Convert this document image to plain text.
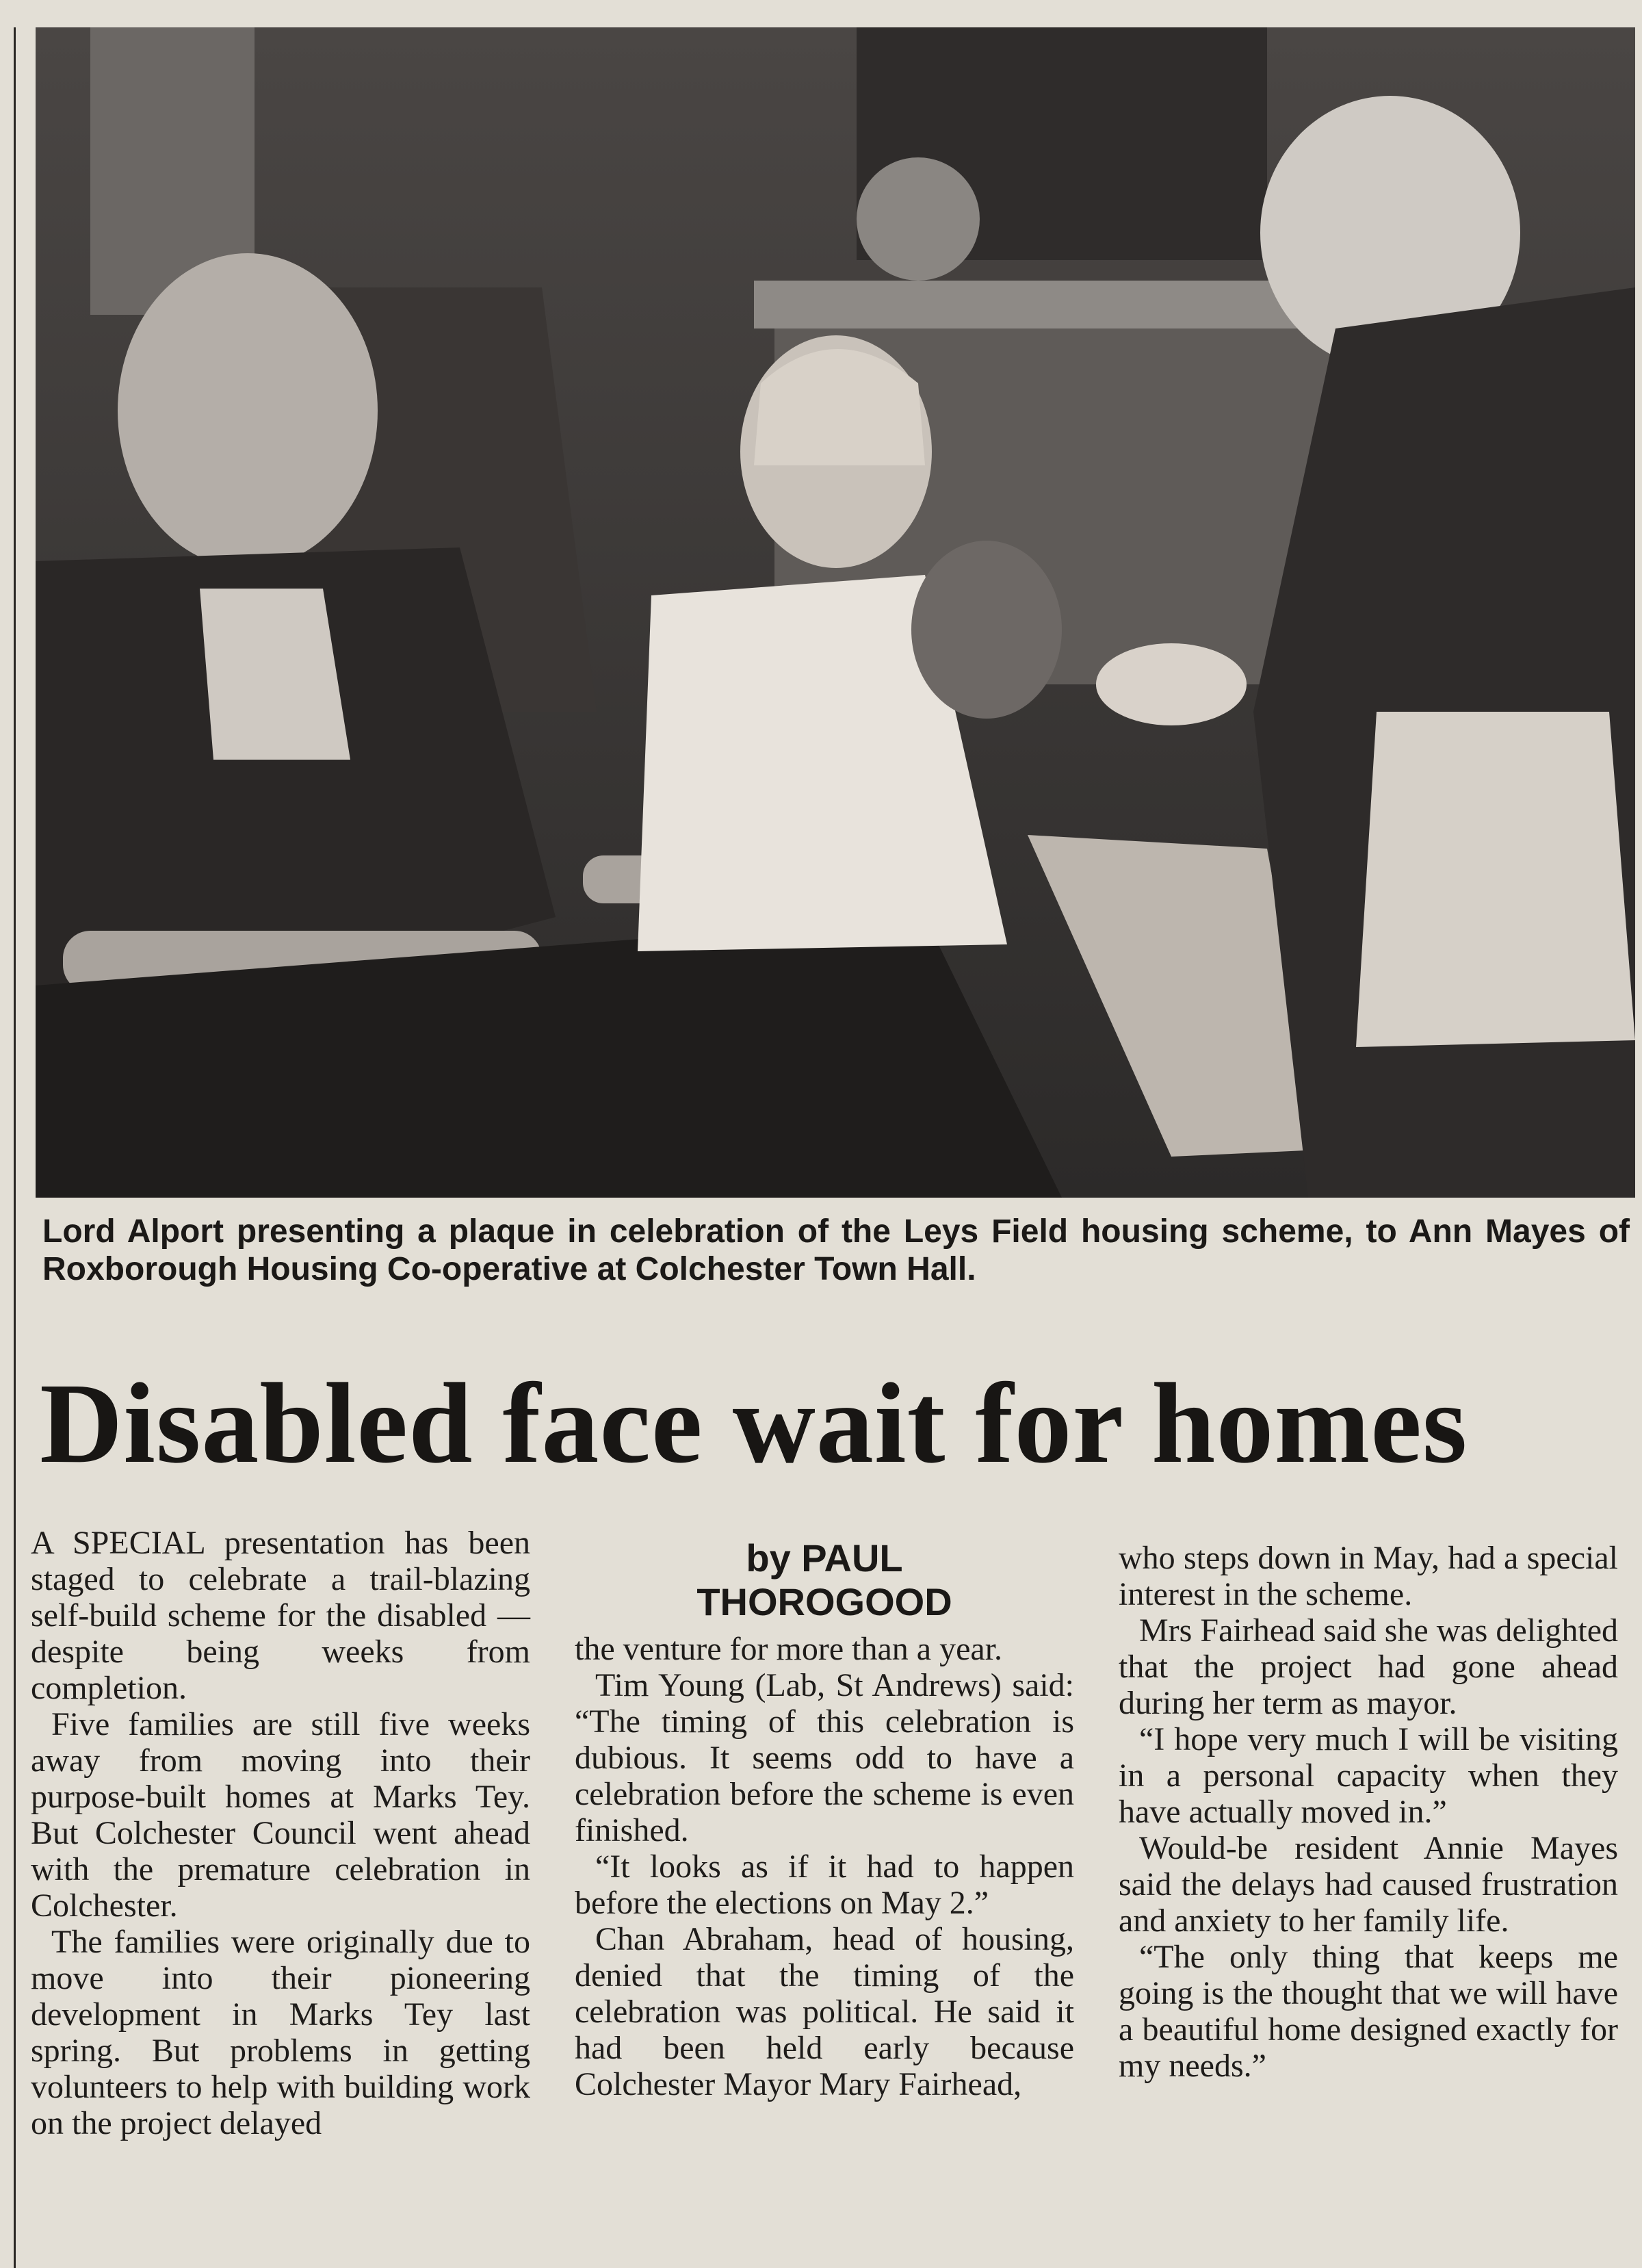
Lord Alport presenting a plaque in celebration of the Leys Field housing scheme, to Ann Mayes of Roxborough Housing Co-operative at Colchester Town Hall.
Disabled face wait for homes

A SPECIAL presentation has been staged to celebrate a trail-blazing self-build scheme for the disabled — despite being weeks from completion.

Five families are still five weeks away from moving into their purpose-built homes at Marks Tey. But Colchester Council went ahead with the premature celebration in Colchester.

The families were originally due to move into their pioneering development in Marks Tey last spring. But problems in getting volunteers to help with building work on the project delayed

by PAUL
THOROGOOD

the venture for more than a year.

Tim Young (Lab, St Andrews) said: “The timing of this celebration is dubious. It seems odd to have a celebration before the scheme is even finished.

“It looks as if it had to happen before the elections on May 2.”

Chan Abraham, head of housing, denied that the timing of the celebration was political. He said it had been held early because Colchester Mayor Mary Fairhead,

who steps down in May, had a special interest in the scheme.

Mrs Fairhead said she was delighted that the project had gone ahead during her term as mayor.

“I hope very much I will be visiting in a personal capacity when they have actually moved in.”

Would-be resident Annie Mayes said the delays had caused frustration and anxiety to her family life.

“The only thing that keeps me going is the thought that we will have a beautiful home designed exactly for my needs.”
